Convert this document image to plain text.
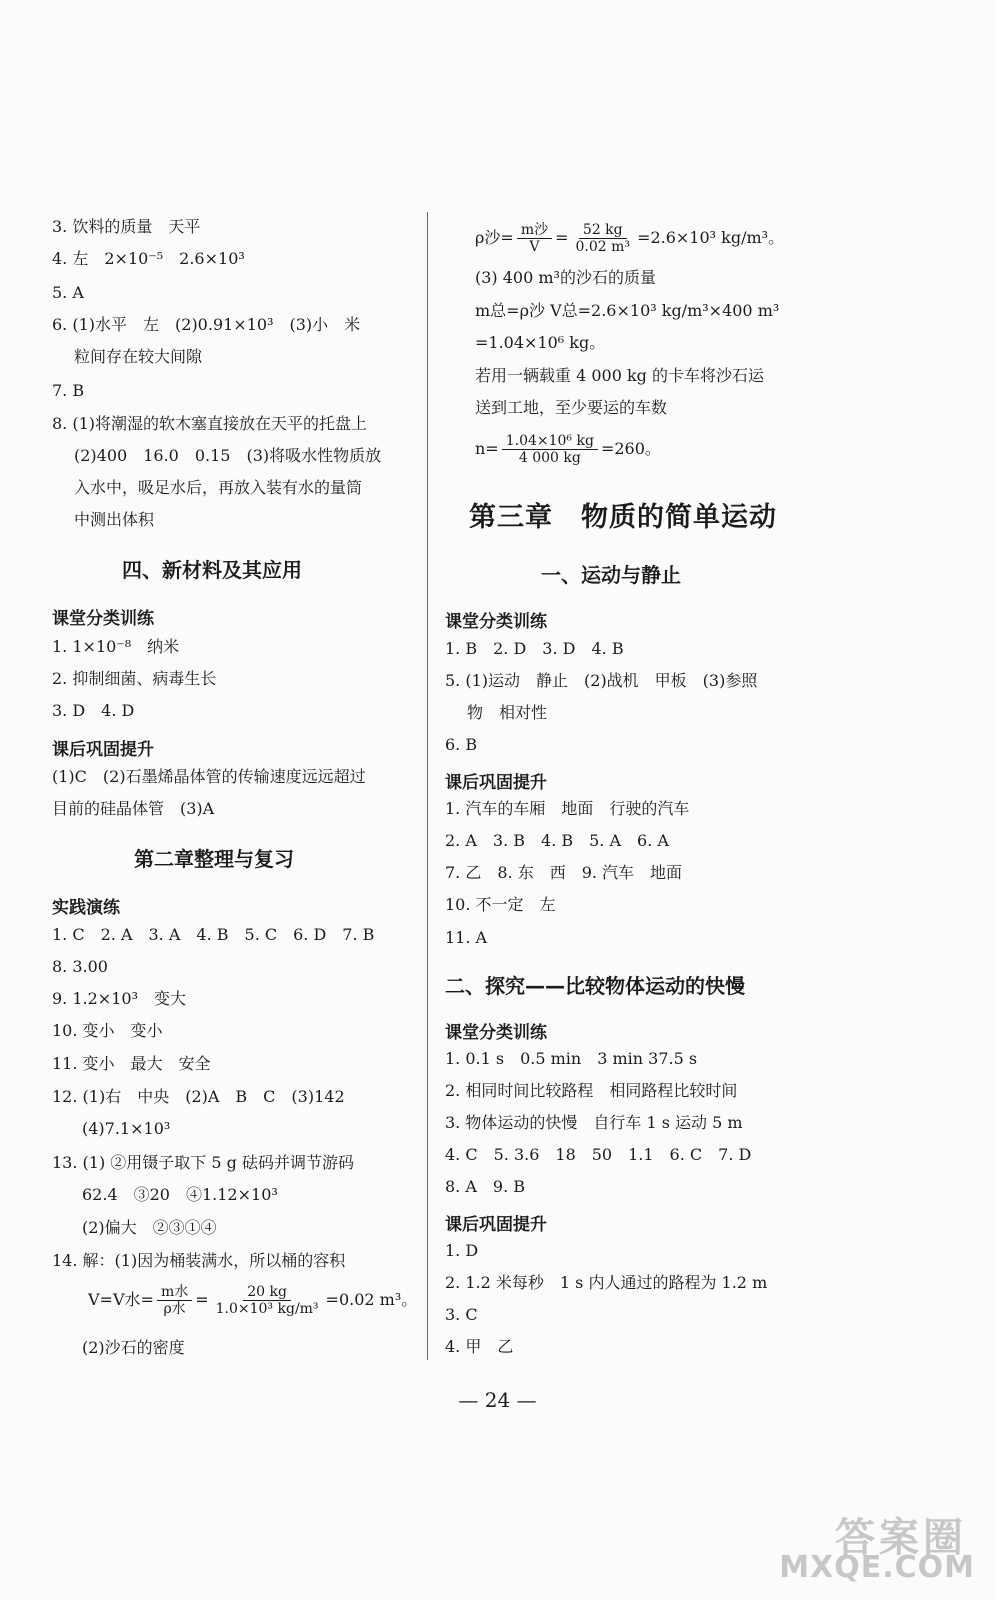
3. 饮料的质量　天平
4. 左　2×10⁻⁵　2.6×10³
5. A
6. (1)水平　左　(2)0.91×10³　(3)小　米
粒间存在较大间隙
7. B
8. (1)将潮湿的软木塞直接放在天平的托盘上
(2)400　16.0　0.15　(3)将吸水性物质放
入水中，吸足水后，再放入装有水的量筒
中测出体积
四、新材料及其应用
课堂分类训练
1. 1×10⁻⁸　纳米
2. 抑制细菌、病毒生长
3. D　4. D
课后巩固提升
(1)C　(2)石墨烯晶体管的传输速度远远超过
目前的硅晶体管　(3)A
第二章整理与复习
实践演练
1. C　2. A　3. A　4. B　5. C　6. D　7. B
8. 3.00
9. 1.2×10³　变大
10. 变小　变小
11. 变小　最大　安全
12. (1)右　中央　(2)A　B　C　(3)142
(4)7.1×10³
13. (1) ②用镊子取下 5 g 砝码并调节游码
62.4　③20　④1.12×10³
(2)偏大　②③①④
14. 解：(1)因为桶装满水，所以桶的容积
V=V水= $\frac{\text{m水}}{\text{ρ水}} = \frac{20 kg}{\text{1.0×10³ kg/m³}} =0.02$ m³。
(2)沙石的密度
ρ沙= $\frac{\text{m沙}}{V} = \frac{52 kg}{\text{0.02 m³}} =2.6\times 10^3$ kg/m³。
(3) 400 m³的沙石的质量
m总=ρ沙 V总=2.6×10³ kg/m³×400 m³
=1.04×10⁶ kg。
若用一辆载重 4 000 kg 的卡车将沙石运
送到工地，至少要运的车数
$n= \frac{\text{1.04×10⁶ kg}}{4 000 kg} =260$。
第三章　物质的简单运动
一、运动与静止
课堂分类训练
1. B　2. D　3. D　4. B
5. (1)运动　静止　(2)战机　甲板　(3)参照
物　相对性
6. B
课后巩固提升
1. 汽车的车厢　地面　行驶的汽车
2. A　3. B　4. B　5. A　6. A
7. 乙　8. 东　西　9. 汽车　地面
10. 不一定　左
11. A
二、探究——比较物体运动的快慢
课堂分类训练
1. 0.1 s　0.5 min　3 min 37.5 s
2. 相同时间比较路程　相同路程比较时间
3. 物体运动的快慢　自行车 1 s 运动 5 m
4. C　5. 3.6　18　50　1.1　6. C　7. D
8. A　9. B
课后巩固提升
1. D
2. 1.2 米每秒　1 s 内人通过的路程为 1.2 m
3. C
4. 甲　乙
— 24 —
答案圈
MXQE.COM
